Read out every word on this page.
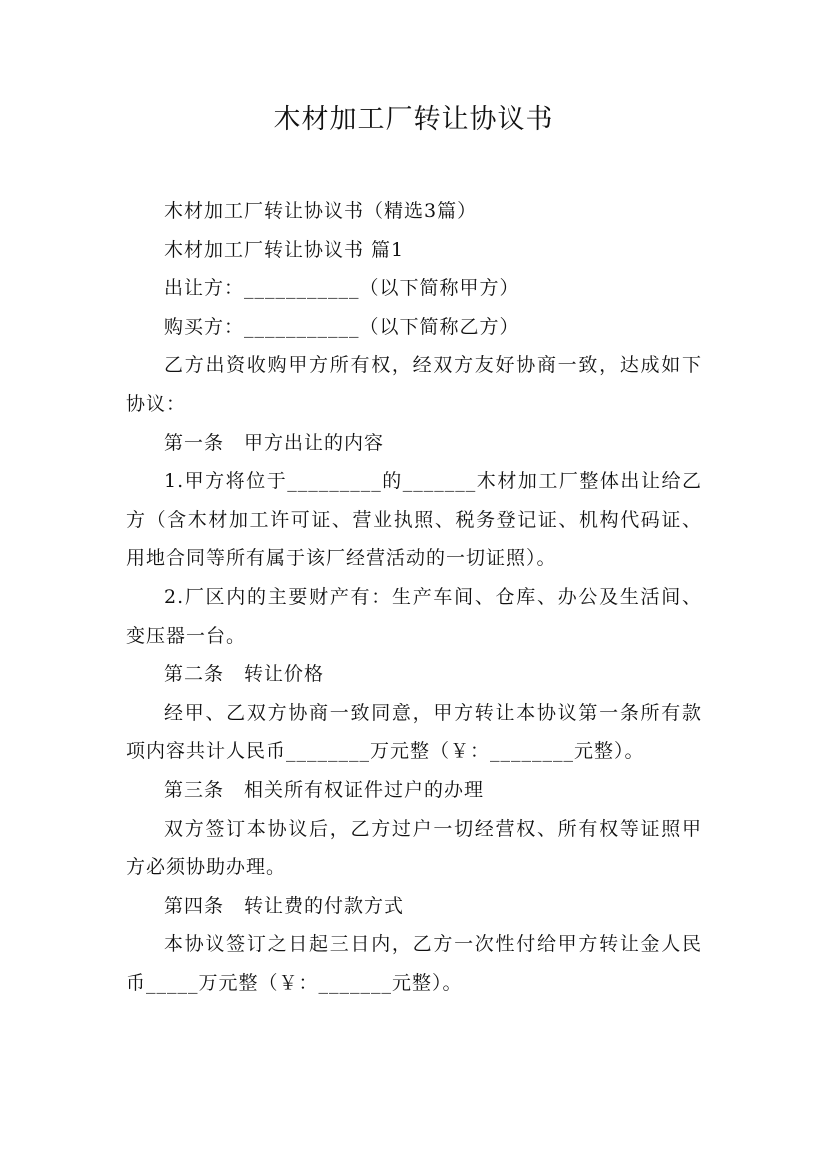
木材加工厂转让协议书

木材加工厂转让协议书（精选3篇）

木材加工厂转让协议书 篇1

出让方：___________（以下简称甲方）

购买方：___________（以下简称乙方）

乙方出资收购甲方所有权，经双方友好协商一致，达成如下协议：

第一条　甲方出让的内容

1.甲方将位于_________的_______木材加工厂整体出让给乙方（含木材加工许可证、营业执照、税务登记证、机构代码证、用地合同等所有属于该厂经营活动的一切证照）。

2.厂区内的主要财产有：生产车间、仓库、办公及生活间、变压器一台。

第二条　转让价格

经甲、乙双方协商一致同意，甲方转让本协议第一条所有款项内容共计人民币________万元整（￥：________元整）。

第三条　相关所有权证件过户的办理

双方签订本协议后，乙方过户一切经营权、所有权等证照甲方必须协助办理。

第四条　转让费的付款方式

本协议签订之日起三日内，乙方一次性付给甲方转让金人民币_____万元整（￥：_______元整）。
